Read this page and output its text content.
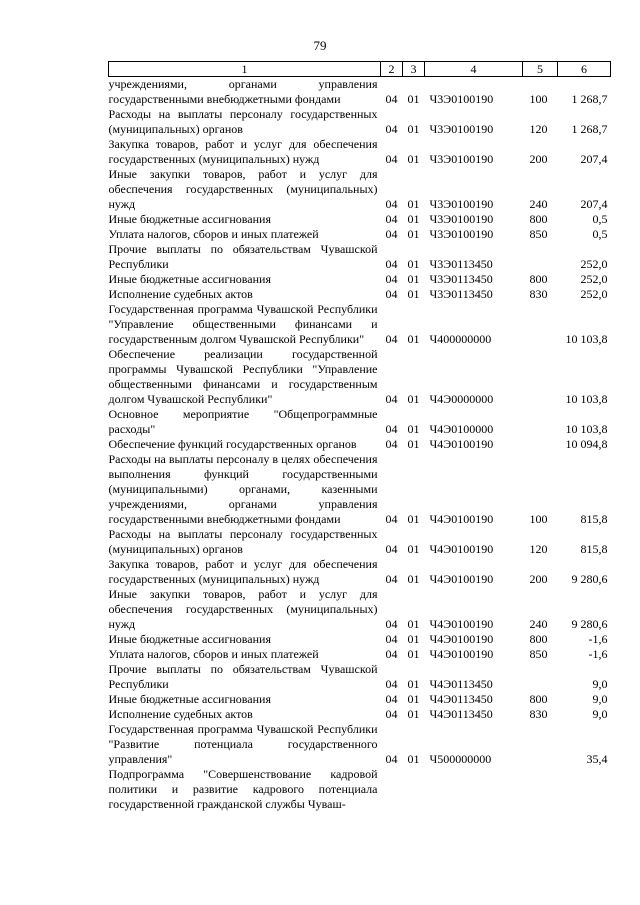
79
1	2	3	4	5	6
учреждениями, органами управления государственными внебюджетными фондами	04	01	Ч3Э0100190	100	1 268,7
Расходы на выплаты персоналу государственных (муниципальных) органов	04	01	Ч3Э0100190	120	1 268,7
Закупка товаров, работ и услуг для обеспечения государственных (муниципальных) нужд	04	01	Ч3Э0100190	200	207,4
Иные закупки товаров, работ и услуг для обеспечения государственных (муниципальных) нужд	04	01	Ч3Э0100190	240	207,4
Иные бюджетные ассигнования	04	01	Ч3Э0100190	800	0,5
Уплата налогов, сборов и иных платежей	04	01	Ч3Э0100190	850	0,5
Прочие выплаты по обязательствам Чувашской Республики	04	01	Ч3Э0113450		252,0
Иные бюджетные ассигнования	04	01	Ч3Э0113450	800	252,0
Исполнение судебных актов	04	01	Ч3Э0113450	830	252,0
Государственная программа Чувашской Республики "Управление общественными финансами и государственным долгом Чувашской Республики"	04	01	Ч400000000		10 103,8
Обеспечение реализации государственной программы Чувашской Республики "Управление общественными финансами и государственным долгом Чувашской Республики"	04	01	Ч4Э0000000		10 103,8
Основное мероприятие "Общепрограммные расходы"	04	01	Ч4Э0100000		10 103,8
Обеспечение функций государственных органов	04	01	Ч4Э0100190		10 094,8
Расходы на выплаты персоналу в целях обеспечения выполнения функций государственными (муниципальными) органами, казенными учреждениями, органами управления государственными внебюджетными фондами	04	01	Ч4Э0100190	100	815,8
Расходы на выплаты персоналу государственных (муниципальных) органов	04	01	Ч4Э0100190	120	815,8
Закупка товаров, работ и услуг для обеспечения государственных (муниципальных) нужд	04	01	Ч4Э0100190	200	9 280,6
Иные закупки товаров, работ и услуг для обеспечения государственных (муниципальных) нужд	04	01	Ч4Э0100190	240	9 280,6
Иные бюджетные ассигнования	04	01	Ч4Э0100190	800	-1,6
Уплата налогов, сборов и иных платежей	04	01	Ч4Э0100190	850	-1,6
Прочие выплаты по обязательствам Чувашской Республики	04	01	Ч4Э0113450		9,0
Иные бюджетные ассигнования	04	01	Ч4Э0113450	800	9,0
Исполнение судебных актов	04	01	Ч4Э0113450	830	9,0
Государственная программа Чувашской Республики "Развитие потенциала государственного управления"	04	01	Ч500000000		35,4
Подпрограмма "Совершенствование кадровой политики и развитие кадрового потенциала государственной гражданской службы Чуваш-					
